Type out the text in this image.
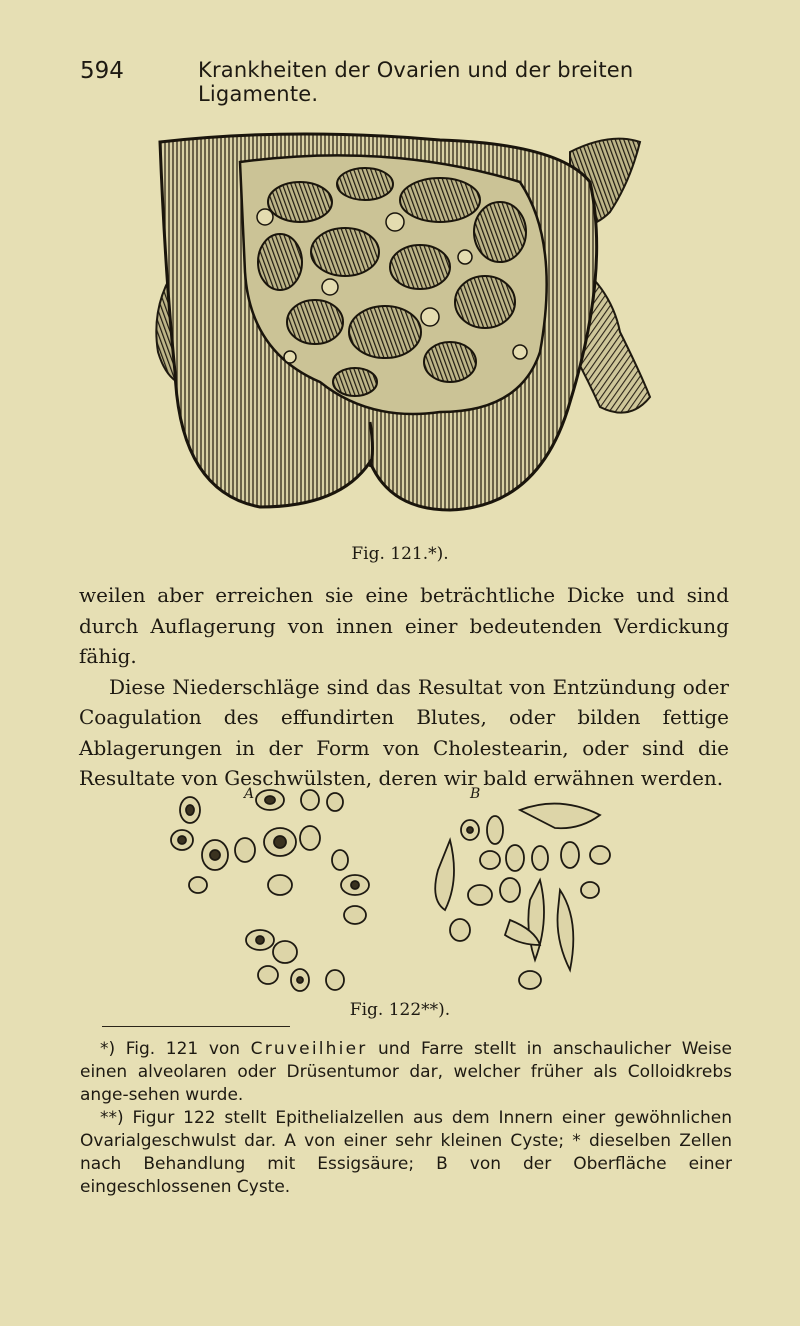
594	Krankheiten der Ovarien und der breiten Ligamente.
Fig. 121.*).

weilen aber erreichen sie eine beträchtliche Dicke und sind durch Auflagerung von innen einer bedeutenden Verdickung fähig.

Diese Niederschläge sind das Resultat von Entzündung oder Coagulation des effundirten Blutes, oder bilden fettige Ablagerungen in der Form von Cholestearin, oder sind die Resultate von Geschwülsten, deren wir bald erwähnen werden.

A	B
Fig. 122**).

*) Fig. 121 von Cruveilhier und Farre stellt in anschaulicher Weise einen alveolaren oder Drüsentumor dar, welcher früher als Colloidkrebs ange-sehen wurde.

**) Figur 122 stellt Epithelialzellen aus dem Innern einer gewöhnlichen Ovarialgeschwulst dar. A von einer sehr kleinen Cyste; * dieselben Zellen nach Behandlung mit Essigsäure; B von der Oberfläche einer eingeschlossenen Cyste.
